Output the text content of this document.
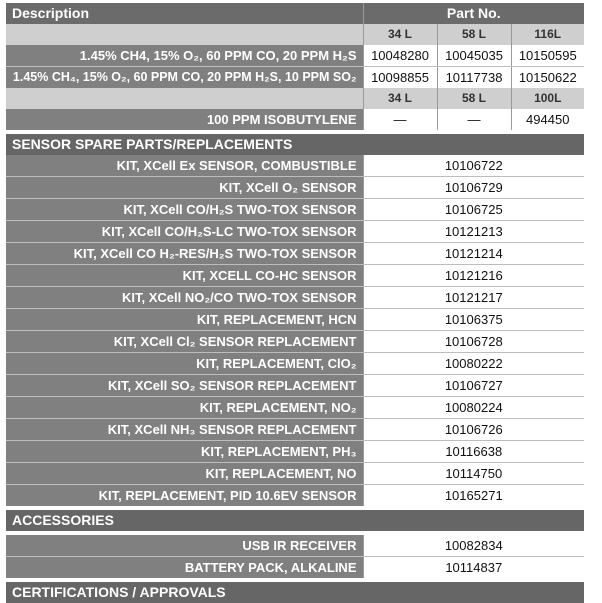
Description	Part No.		
	34 L	58 L	116L
1.45% CH4, 15% O₂, 60 PPM CO, 20 PPM H₂S	10048280	10045035	10150595
1.45% CH₄, 15% O₂, 60 PPM CO, 20 PPM H₂S, 10 PPM SO₂	10098855	10117738	10150622
	34 L	58 L	100L
100 PPM ISOBUTYLENE	—	—	494450

SENSOR SPARE PARTS/REPLACEMENTS			
KIT, XCell Ex SENSOR, COMBUSTIBLE	10106722		
KIT, XCell O₂ SENSOR	10106729		
KIT, XCell CO/H₂S TWO-TOX SENSOR	10106725		
KIT, XCell CO/H₂S-LC TWO-TOX SENSOR	10121213		
KIT, XCell CO H₂-RES/H₂S TWO-TOX SENSOR	10121214		
KIT, XCELL CO-HC SENSOR	10121216		
KIT, XCell NO₂/CO TWO-TOX SENSOR	10121217		
KIT, REPLACEMENT, HCN	10106375		
KIT, XCell Cl₂ SENSOR REPLACEMENT	10106728		
KIT, REPLACEMENT, ClO₂	10080222		
KIT, XCell SO₂ SENSOR REPLACEMENT	10106727		
KIT, REPLACEMENT, NO₂	10080224		
KIT, XCell NH₃ SENSOR REPLACEMENT	10106726		
KIT, REPLACEMENT, PH₃	10116638		
KIT, REPLACEMENT, NO	10114750		
KIT, REPLACEMENT, PID 10.6EV SENSOR	10165271		

ACCESSORIES			

USB IR RECEIVER	10082834		
BATTERY PACK, ALKALINE	10114837		

CERTIFICATIONS / APPROVALS			
